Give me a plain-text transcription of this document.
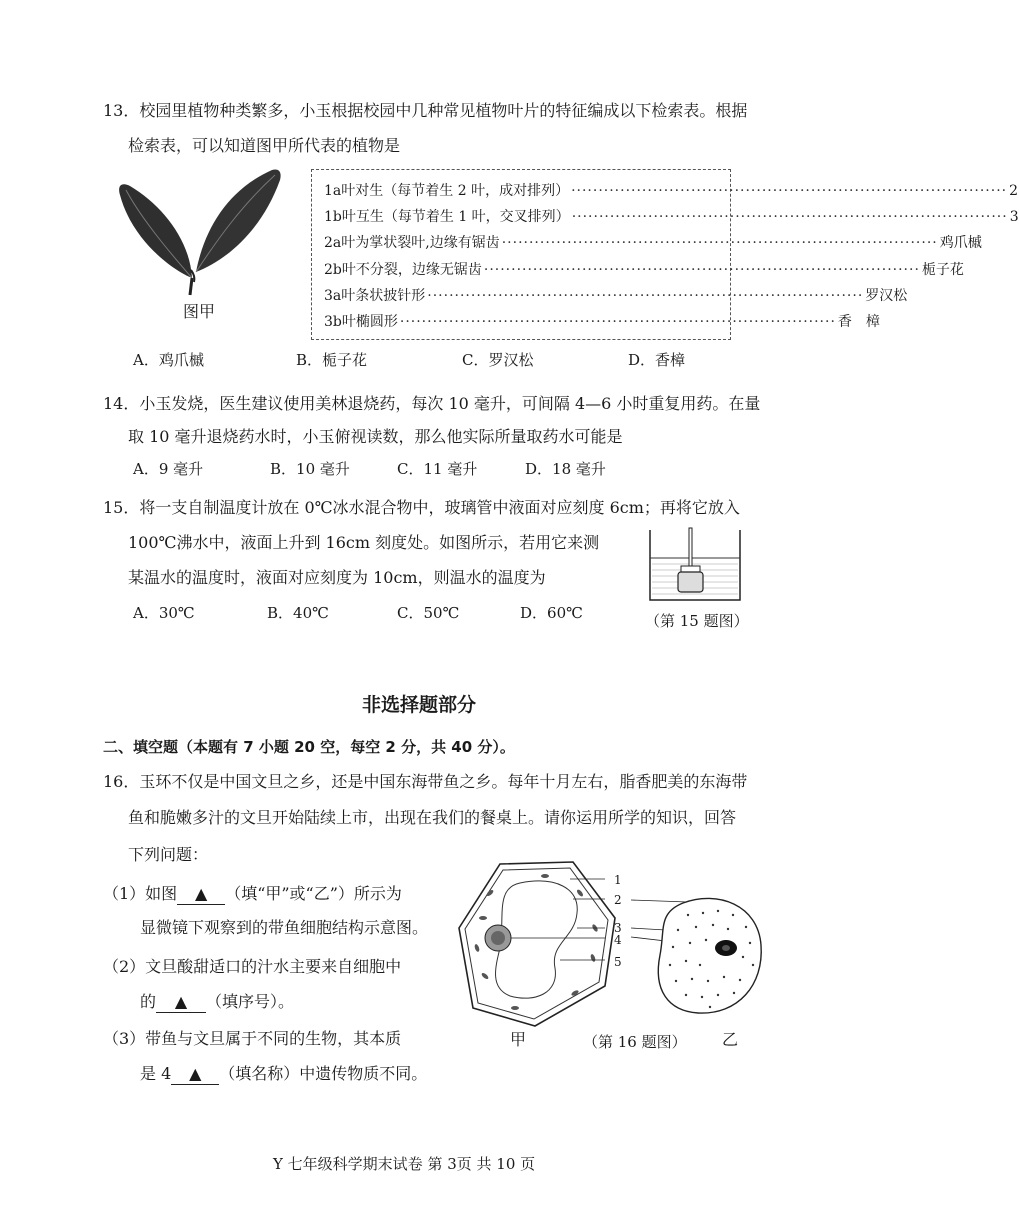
13．校园里植物种类繁多，小玉根据校园中几种常见植物叶片的特征编成以下检索表。根据
检索表，可以知道图甲所代表的植物是
图甲
1a 叶对生（每节着生 2 叶，成对排列） ················································································ 2
1b 叶互生（每节着生 1 叶，交叉排列） ················································································ 3
2a 叶为掌状裂叶,边缘有锯齿 ················································································ 鸡爪槭
2b 叶不分裂，边缘无锯齿 ················································································ 栀子花
3a 叶条状披针形 ················································································ 罗汉松
3b 叶椭圆形 ················································································ 香　樟
A．鸡爪槭	B．栀子花	C．罗汉松	D．香樟
14．小玉发烧，医生建议使用美林退烧药，每次 10 毫升，可间隔 4—6 小时重复用药。在量
取 10 毫升退烧药水时，小玉俯视读数，那么他实际所量取药水可能是
A．9 毫升	B．10 毫升	C．11 毫升	D．18 毫升
15．将一支自制温度计放在 0℃冰水混合物中，玻璃管中液面对应刻度 6cm；再将它放入
100℃沸水中，液面上升到 16cm 刻度处。如图所示，若用它来测
某温水的温度时，液面对应刻度为 10cm，则温水的温度为
A．30℃	B．40℃	C．50℃	D．60℃	（第 15 题图）
非选择题部分
二、填空题（本题有 7 小题 20 空，每空 2 分，共 40 分）。
16．玉环不仅是中国文旦之乡，还是中国东海带鱼之乡。每年十月左右，脂香肥美的东海带
鱼和脆嫩多汁的文旦开始陆续上市，出现在我们的餐桌上。请你运用所学的知识，回答
下列问题：
（1）如图 ▲ （填“甲”或“乙”）所示为
显微镜下观察到的带鱼细胞结构示意图。
（2）文旦酸甜适口的汁水主要来自细胞中
的 ▲ （填序号）。
（3）带鱼与文旦属于不同的生物，其本质
是 4 ▲ （填名称）中遗传物质不同。
1
2
3
4
5
甲	（第 16 题图） 乙
Y 七年级科学期末试卷 第 3页 共 10 页
